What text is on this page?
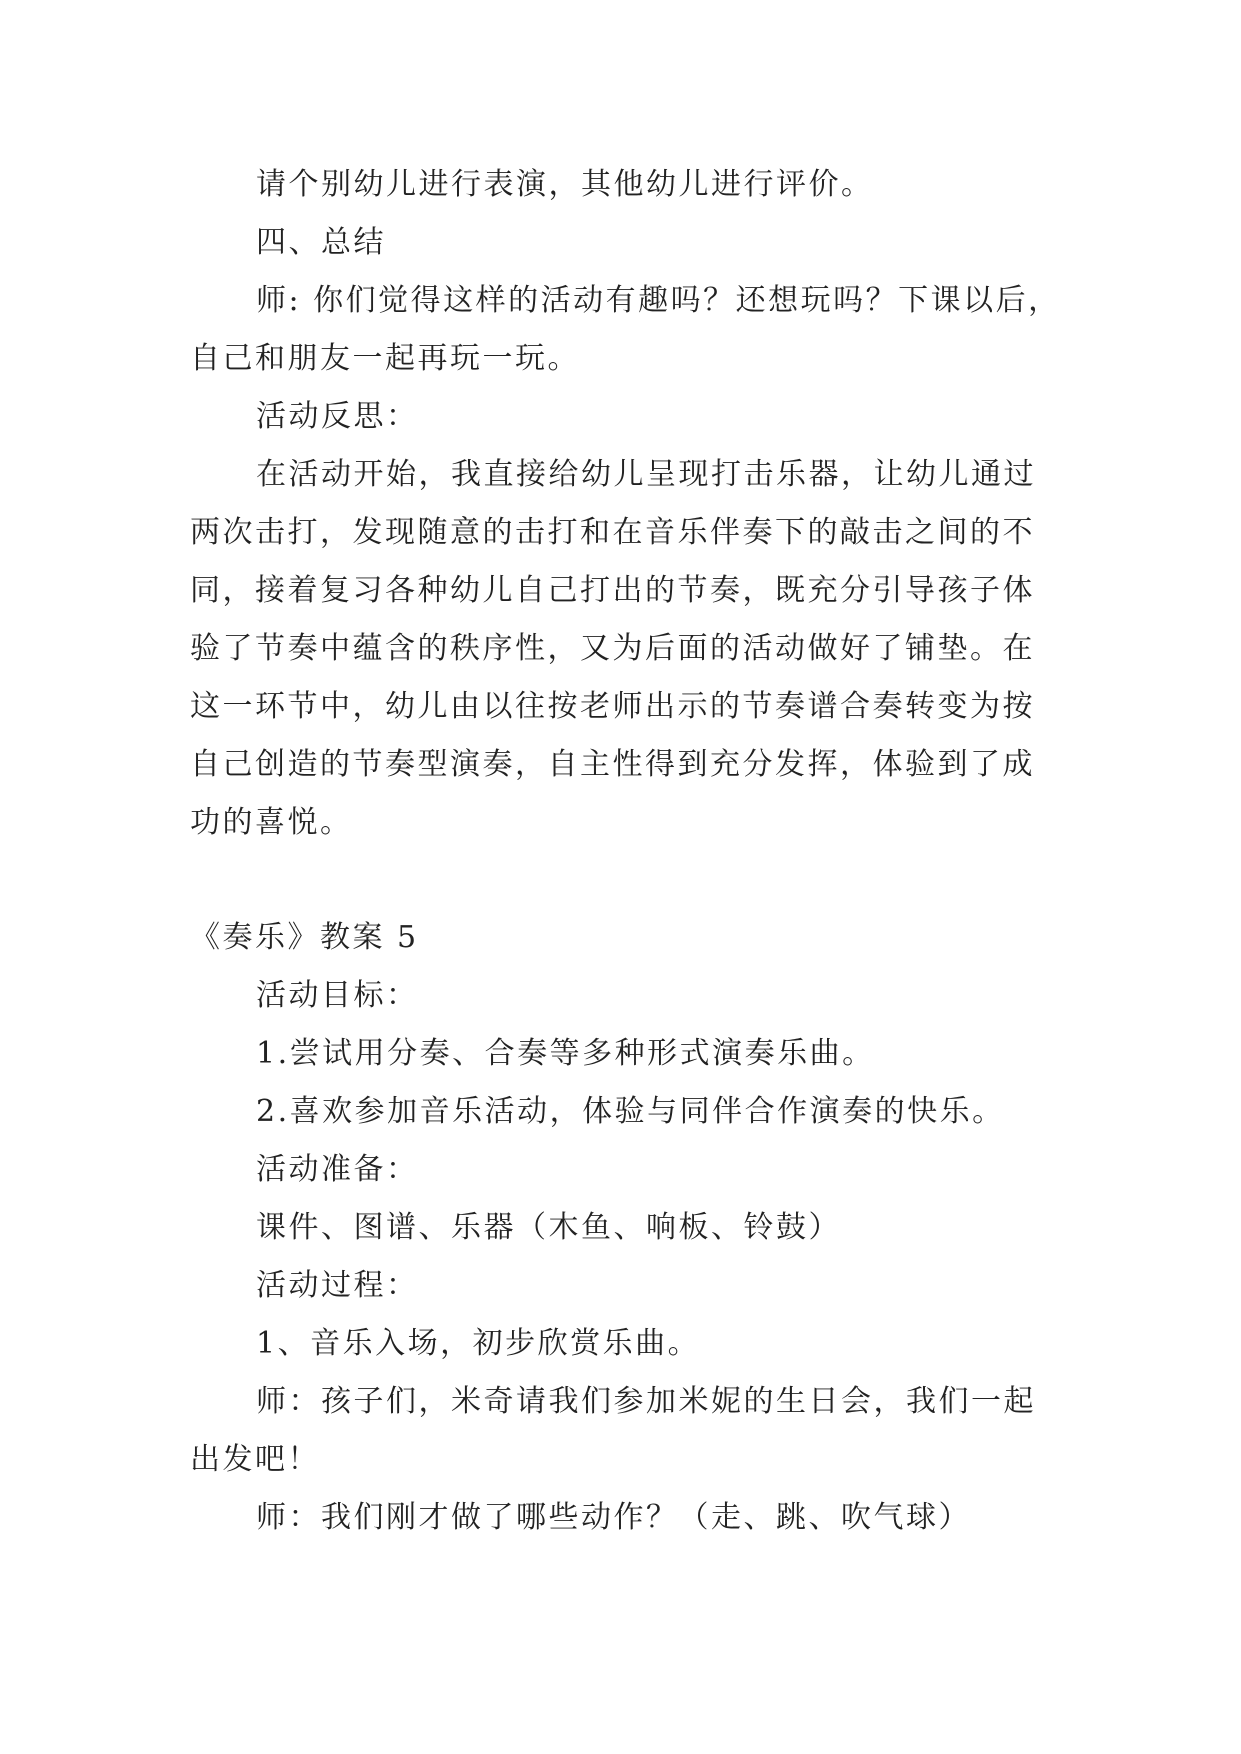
请个别幼儿进行表演，其他幼儿进行评价。
四、总结
师: 你们觉得这样的活动有趣吗？还想玩吗？下课以后，
自己和朋友一起再玩一玩。
活动反思：
在活动开始，我直接给幼儿呈现打击乐器，让幼儿通过
两次击打，发现随意的击打和在音乐伴奏下的敲击之间的不
同，接着复习各种幼儿自己打出的节奏，既充分引导孩子体
验了节奏中蕴含的秩序性，又为后面的活动做好了铺垫。在
这一环节中，幼儿由以往按老师出示的节奏谱合奏转变为按
自己创造的节奏型演奏，自主性得到充分发挥，体验到了成
功的喜悦。
《奏乐》教案 5
活动目标：
1.尝试用分奏、合奏等多种形式演奏乐曲。
2.喜欢参加音乐活动，体验与同伴合作演奏的快乐。
活动准备：
课件、图谱、乐器（木鱼、响板、铃鼓）
活动过程：
1、音乐入场，初步欣赏乐曲。
师：孩子们，米奇请我们参加米妮的生日会，我们一起
出发吧！
师：我们刚才做了哪些动作？（走、跳、吹气球）
